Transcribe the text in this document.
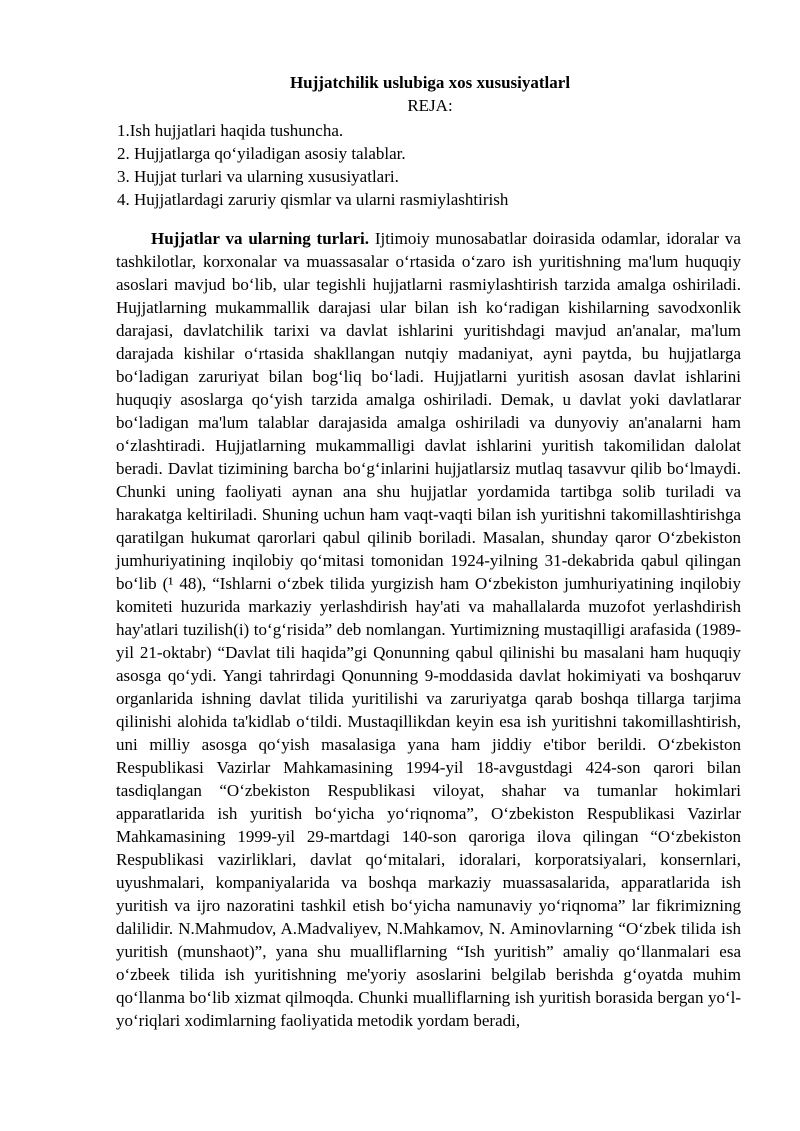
Hujjatchilik uslubiga xos xususiyatlarl
REJA:
1.Ish hujjatlari haqida tushuncha.
2. Hujjatlarga qo‘yiladigan asosiy talablar.
3. Hujjat turlari va ularning xususiyatlari.
4. Hujjatlardagi zaruriy qismlar va ularni rasmiylashtirish

Hujjatlar va ularning turlari. Ijtimoiy munosabatlar doirasida odamlar, idoralar va tashkilotlar, korxonalar va muassasalar o‘rtasida o‘zaro ish yuritishning ma'lum huquqiy asoslari mavjud bo‘lib, ular tegishli hujjatlarni rasmiylashtirish tarzida amalga oshiriladi. Hujjatlarning mukammallik darajasi ular bilan ish ko‘radigan kishilarning savodxonlik darajasi, davlatchilik tarixi va davlat ishlarini yuritishdagi mavjud an'analar, ma'lum darajada kishilar o‘rtasida shakllangan nutqiy madaniyat, ayni paytda, bu hujjatlarga bo‘ladigan zaruriyat bilan bog‘liq bo‘ladi. Hujjatlarni yuritish asosan davlat ishlarini huquqiy asoslarga qo‘yish tarzida amalga oshiriladi. Demak, u davlat yoki davlatlarar bo‘ladigan ma'lum talablar darajasida amalga oshiriladi va dunyoviy an'analarni ham o‘zlashtiradi. Hujjatlarning mukammalligi davlat ishlarini yuritish takomilidan dalolat beradi. Davlat tizimining barcha bo‘g‘inlarini hujjatlarsiz mutlaq tasavvur qilib bo‘lmaydi. Chunki uning faoliyati aynan ana shu hujjatlar yordamida tartibga solib turiladi va harakatga keltiriladi. Shuning uchun ham vaqt-vaqti bilan ish yuritishni takomillashtirishga qaratilgan hukumat qarorlari qabul qilinib boriladi. Masalan, shunday qaror O‘zbekiston jumhuriyatining inqilobiy qo‘mitasi tomonidan 1924-yilning 31-dekabrida qabul qilingan bo‘lib (¹ 48), “Ishlarni o‘zbek tilida yurgizish ham O‘zbekiston jumhuriyatining inqilobiy komiteti huzurida markaziy yerlashdirish hay'ati va mahallalarda muzofot yerlashdirish hay'atlari tuzilish(i) to‘g‘risida” deb nomlangan. Yurtimizning mustaqilligi arafasida (1989-yil 21-oktabr) “Davlat tili haqida”gi Qonunning qabul qilinishi bu masalani ham huquqiy asosga qo‘ydi. Yangi tahrirdagi Qonunning 9-moddasida davlat hokimiyati va boshqaruv organlarida ishning davlat tilida yuritilishi va zaruriyatga qarab boshqa tillarga tarjima qilinishi alohida ta'kidlab o‘tildi. Mustaqillikdan keyin esa ish yuritishni takomillashtirish, uni milliy asosga qo‘yish masalasiga yana ham jiddiy e'tibor berildi. O‘zbekiston Respublikasi Vazirlar Mahkamasining 1994-yil 18-avgustdagi 424-son qarori bilan tasdiqlangan “O‘zbekiston Respublikasi viloyat, shahar va tumanlar hokimlari apparatlarida ish yuritish bo‘yicha yo‘riqnoma”, O‘zbekiston Respublikasi Vazirlar Mahkamasining 1999-yil 29-martdagi 140-son qaroriga ilova qilingan “O‘zbekiston Respublikasi vazirliklari, davlat qo‘mitalari, idoralari, korporatsiyalari, konsernlari, uyushmalari, kompaniyalarida va boshqa markaziy muassasalarida, apparatlarida ish yuritish va ijro nazoratini tashkil etish bo‘yicha namunaviy yo‘riqnoma” lar fikrimizning dalilidir. N.Mahmudov, A.Madvaliyev, N.Mahkamov, N. Aminovlarning “O‘zbek tilida ish yuritish (munshaot)”, yana shu mualliflarning “Ish yuritish” amaliy qo‘llanmalari esa o‘zbeek tilida ish yuritishning me'yoriy asoslarini belgilab berishda g‘oyatda muhim qo‘llanma bo‘lib xizmat qilmoqda. Chunki mualliflarning ish yuritish borasida bergan yo‘l-yo‘riqlari xodimlarning faoliyatida metodik yordam beradi,
